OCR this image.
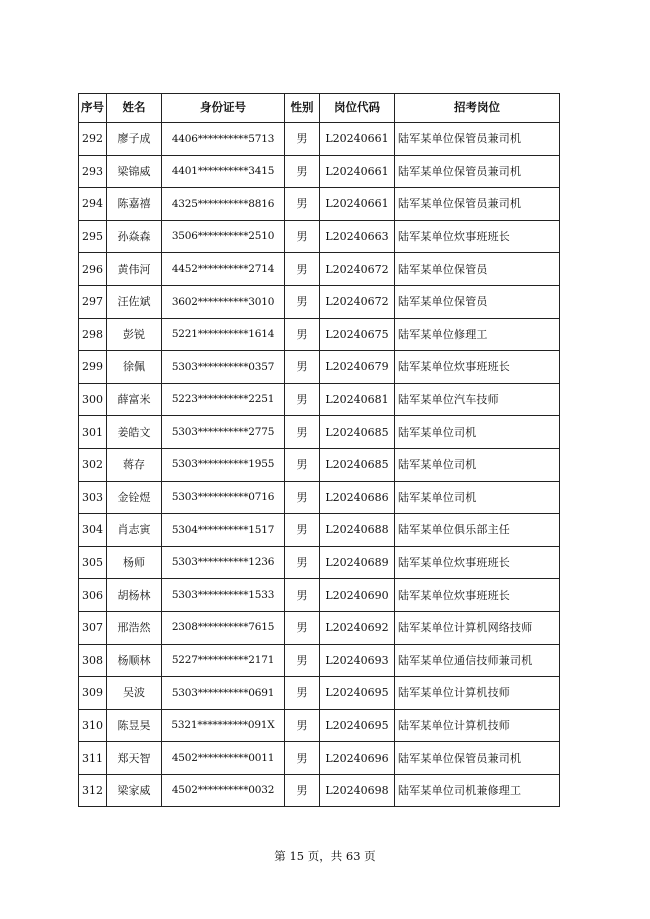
序号	姓名	身份证号	性别	岗位代码	招考岗位
292	廖子成	4406**********5713	男	L20240661	陆军某单位保管员兼司机
293	梁锦威	4401**********3415	男	L20240661	陆军某单位保管员兼司机
294	陈嘉禧	4325**********8816	男	L20240661	陆军某单位保管员兼司机
295	孙焱森	3506**********2510	男	L20240663	陆军某单位炊事班班长
296	黄伟河	4452**********2714	男	L20240672	陆军某单位保管员
297	汪佐斌	3602**********3010	男	L20240672	陆军某单位保管员
298	彭锐	5221**********1614	男	L20240675	陆军某单位修理工
299	徐佩	5303**********0357	男	L20240679	陆军某单位炊事班班长
300	薛富米	5223**********2251	男	L20240681	陆军某单位汽车技师
301	姜皓文	5303**********2775	男	L20240685	陆军某单位司机
302	蒋存	5303**********1955	男	L20240685	陆军某单位司机
303	金铨煜	5303**********0716	男	L20240686	陆军某单位司机
304	肖志寅	5304**********1517	男	L20240688	陆军某单位俱乐部主任
305	杨师	5303**********1236	男	L20240689	陆军某单位炊事班班长
306	胡杨林	5303**********1533	男	L20240690	陆军某单位炊事班班长
307	邢浩然	2308**********7615	男	L20240692	陆军某单位计算机网络技师
308	杨顺林	5227**********2171	男	L20240693	陆军某单位通信技师兼司机
309	吴波	5303**********0691	男	L20240695	陆军某单位计算机技师
310	陈昱昊	5321**********091X	男	L20240695	陆军某单位计算机技师
311	郑天智	4502**********0011	男	L20240696	陆军某单位保管员兼司机
312	梁家威	4502**********0032	男	L20240698	陆军某单位司机兼修理工
第 15 页，共 63 页
